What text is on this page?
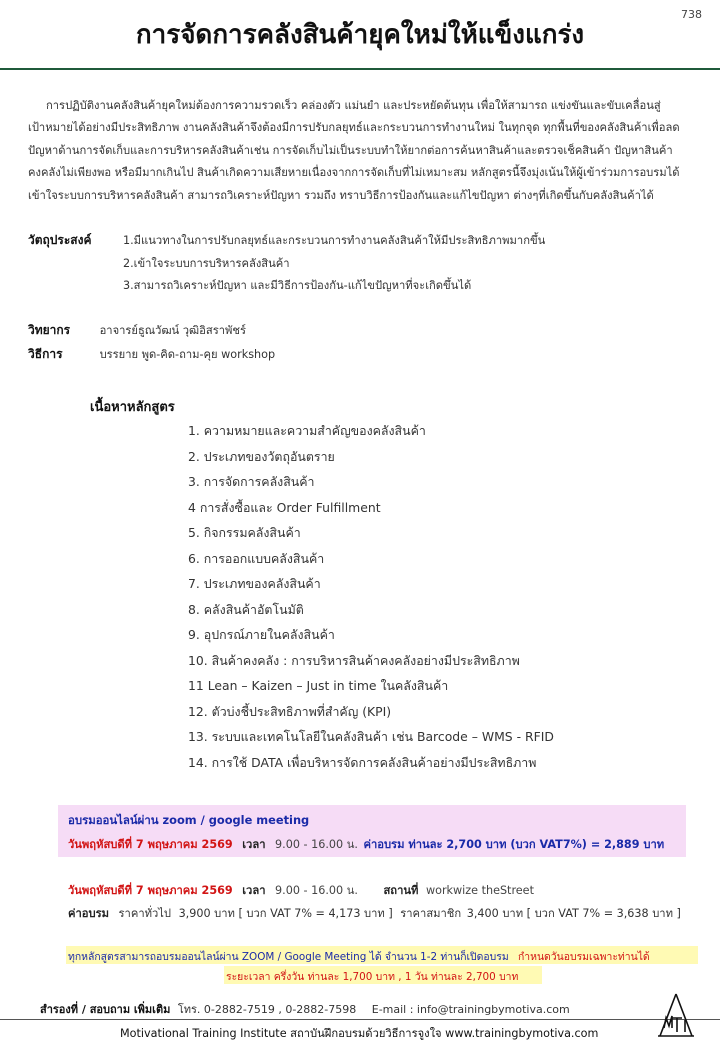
738
การจัดการคลังสินค้ายุคใหม่ให้แข็งแกร่ง
การปฏิบัติงานคลังสินค้ายุคใหม่ต้องการความรวดเร็ว คล่องตัว แม่นยำ และประหยัดต้นทุน เพื่อให้สามารถ แข่งขันและขับเคลื่อนสู่
เป้าหมายได้อย่างมีประสิทธิภาพ งานคลังสินค้าจึงต้องมีการปรับกลยุทธ์และกระบวนการทำงานใหม่ ในทุกจุด ทุกพื้นที่ของคลังสินค้าเพื่อลด
ปัญหาด้านการจัดเก็บและการบริหารคลังสินค้าเช่น การจัดเก็บไม่เป็นระบบทำให้ยากต่อการค้นหาสินค้าและตรวจเช็คสินค้า ปัญหาสินค้า
คงคลังไม่เพียงพอ หรือมีมากเกินไป สินค้าเกิดความเสียหายเนื่องจากการจัดเก็บที่ไม่เหมาะสม หลักสูตรนี้จึงมุ่งเน้นให้ผู้เข้าร่วมการอบรมได้
เข้าใจระบบการบริหารคลังสินค้า สามารถวิเคราะห์ปัญหา รวมถึง ทราบวิธีการป้องกันและแก้ไขปัญหา ต่างๆที่เกิดขึ้นกับคลังสินค้าได้
วัตถุประสงค์	1.มีแนวทางในการปรับกลยุทธ์และกระบวนการทำงานคลังสินค้าให้มีประสิทธิภาพมากขึ้น
2.เข้าใจระบบการบริหารคลังสินค้า
3.สามารถวิเคราะห์ปัญหา และมีวิธีการป้องกัน-แก้ไขปัญหาที่จะเกิดขึ้นได้
วิทยากร	อาจารย์ธูณวัฒน์ วุฒิอิสราพัชร์
วิธีการ	บรรยาย พูด-คิด-ถาม-คุย workshop
เนื้อหาหลักสูตร
1. ความหมายและความสำคัญของคลังสินค้า
2. ประเภทของวัตถุอันตราย
3. การจัดการคลังสินค้า
4 การสั่งซื้อและ Order Fulfillment
5. กิจกรรมคลังสินค้า
6. การออกแบบคลังสินค้า
7. ประเภทของคลังสินค้า
8. คลังสินค้าอัตโนมัติ
9. อุปกรณ์ภายในคลังสินค้า
10. สินค้าคงคลัง : การบริหารสินค้าคงคลังอย่างมีประสิทธิภาพ
11 Lean – Kaizen – Just in time ในคลังสินค้า
12. ตัวบ่งชี้ประสิทธิภาพที่สำคัญ (KPI)
13. ระบบและเทคโนโลยีในคลังสินค้า เช่น Barcode – WMS - RFID
14. การใช้ DATA เพื่อบริหารจัดการคลังสินค้าอย่างมีประสิทธิภาพ
อบรมออนไลน์ผ่าน zoom / google meeting
วันพฤหัสบดีที่ 7 พฤษภาคม 2569 เวลา 9.00 - 16.00 น. ค่าอบรม ท่านละ 2,700 บาท (บวก VAT7%) = 2,889 บาท
วันพฤหัสบดีที่ 7 พฤษภาคม 2569 เวลา 9.00 - 16.00 น. สถานที่ workwize theStreet
ค่าอบรม ราคาทั่วไป 3,900 บาท [ บวก VAT 7% = 4,173 บาท ] ราคาสมาชิก 3,400 บาท [ บวก VAT 7% = 3,638 บาท ]
ทุกหลักสูตรสามารถอบรมออนไลน์ผ่าน ZOOM / Google Meeting ได้ จำนวน 1-2 ท่านก็เปิดอบรม กำหนดวันอบรมเฉพาะท่านได้
ระยะเวลา ครึ่งวัน ท่านละ 1,700 บาท , 1 วัน ท่านละ 2,700 บาท
สำรองที่ / สอบถาม เพิ่มเติม โทร. 0-2882-7519 , 0-2882-7598 E-mail : info@trainingbymotiva.com
Motivational Training Institute สถาบันฝึกอบรมด้วยวิธีการจูงใจ www.trainingbymotiva.com
